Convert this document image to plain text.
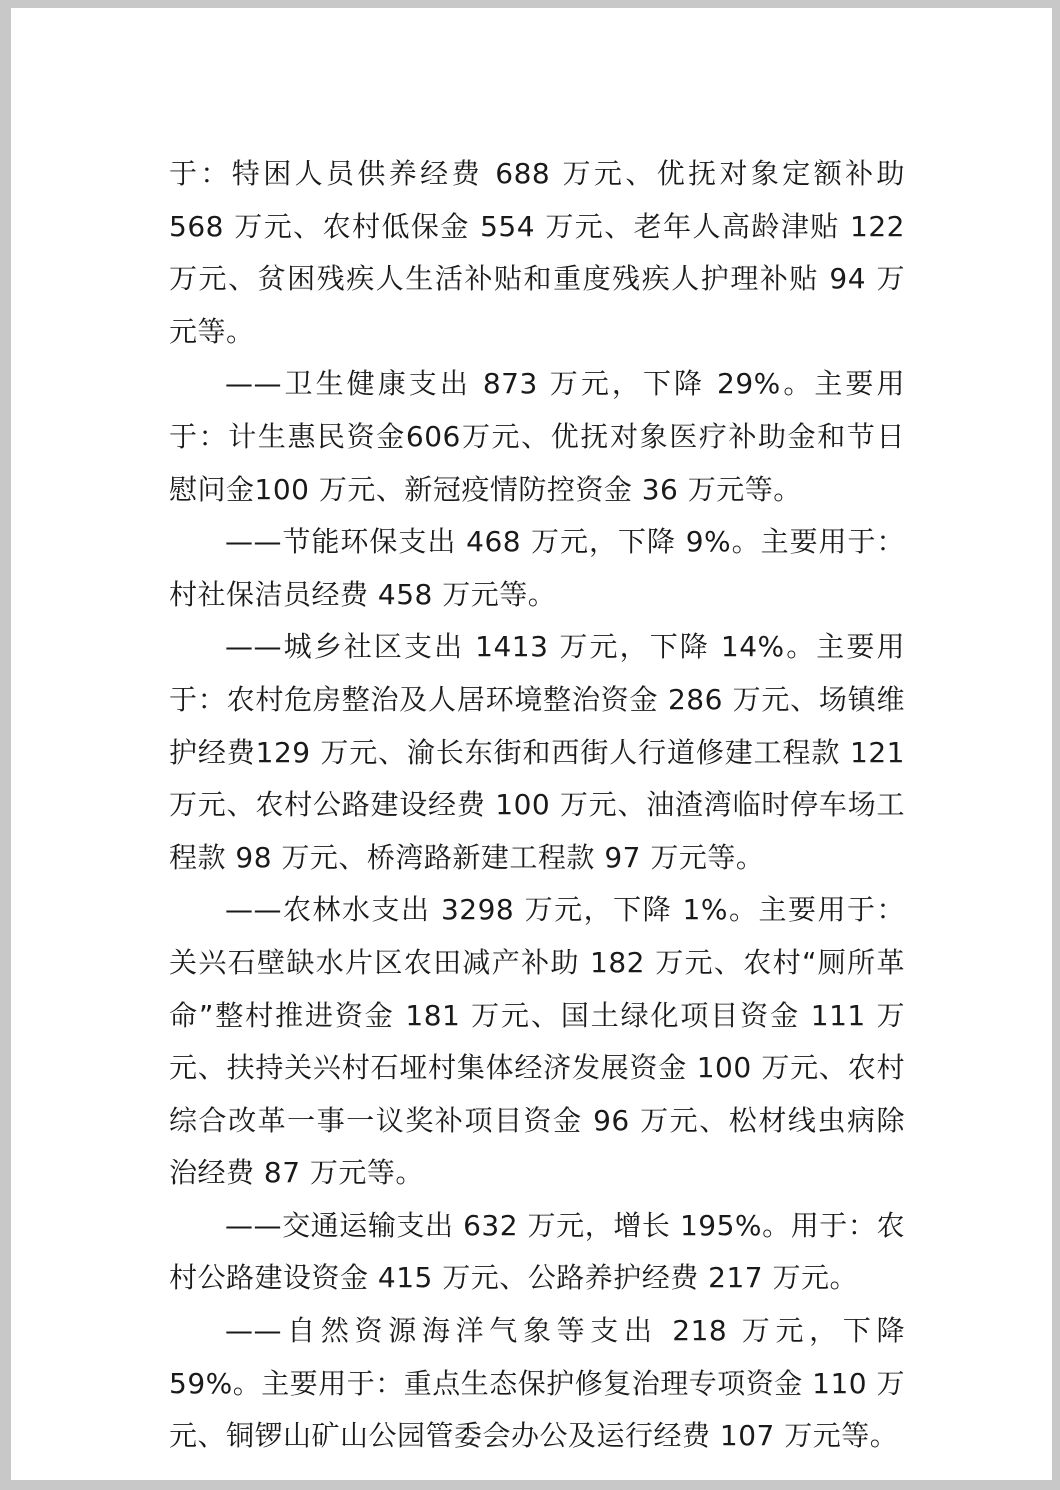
于：特困人员供养经费 688 万元、优抚对象定额补助 568 万元、农村低保金 554 万元、老年人高龄津贴 122 万元、贫困残疾人生活补贴和重度残疾人护理补贴 94 万元等。

——卫生健康支出 873 万元，下降 29%。主要用于：计生惠民资金606万元、优抚对象医疗补助金和节日慰问金100 万元、新冠疫情防控资金 36 万元等。

——节能环保支出 468 万元，下降 9%。主要用于：村社保洁员经费 458 万元等。

——城乡社区支出 1413 万元，下降 14%。主要用于：农村危房整治及人居环境整治资金 286 万元、场镇维护经费129 万元、渝长东街和西街人行道修建工程款 121 万元、农村公路建设经费 100 万元、油渣湾临时停车场工程款 98 万元、桥湾路新建工程款 97 万元等。

——农林水支出 3298 万元，下降 1%。主要用于：关兴石壁缺水片区农田减产补助 182 万元、农村“厕所革命”整村推进资金 181 万元、国土绿化项目资金 111 万元、扶持关兴村石垭村集体经济发展资金 100 万元、农村综合改革一事一议奖补项目资金 96 万元、松材线虫病除治经费 87 万元等。

——交通运输支出 632 万元，增长 195%。用于：农村公路建设资金 415 万元、公路养护经费 217 万元。

——自然资源海洋气象等支出 218 万元，下降 59%。主要用于：重点生态保护修复治理专项资金 110 万元、铜锣山矿山公园管委会办公及运行经费 107 万元等。
